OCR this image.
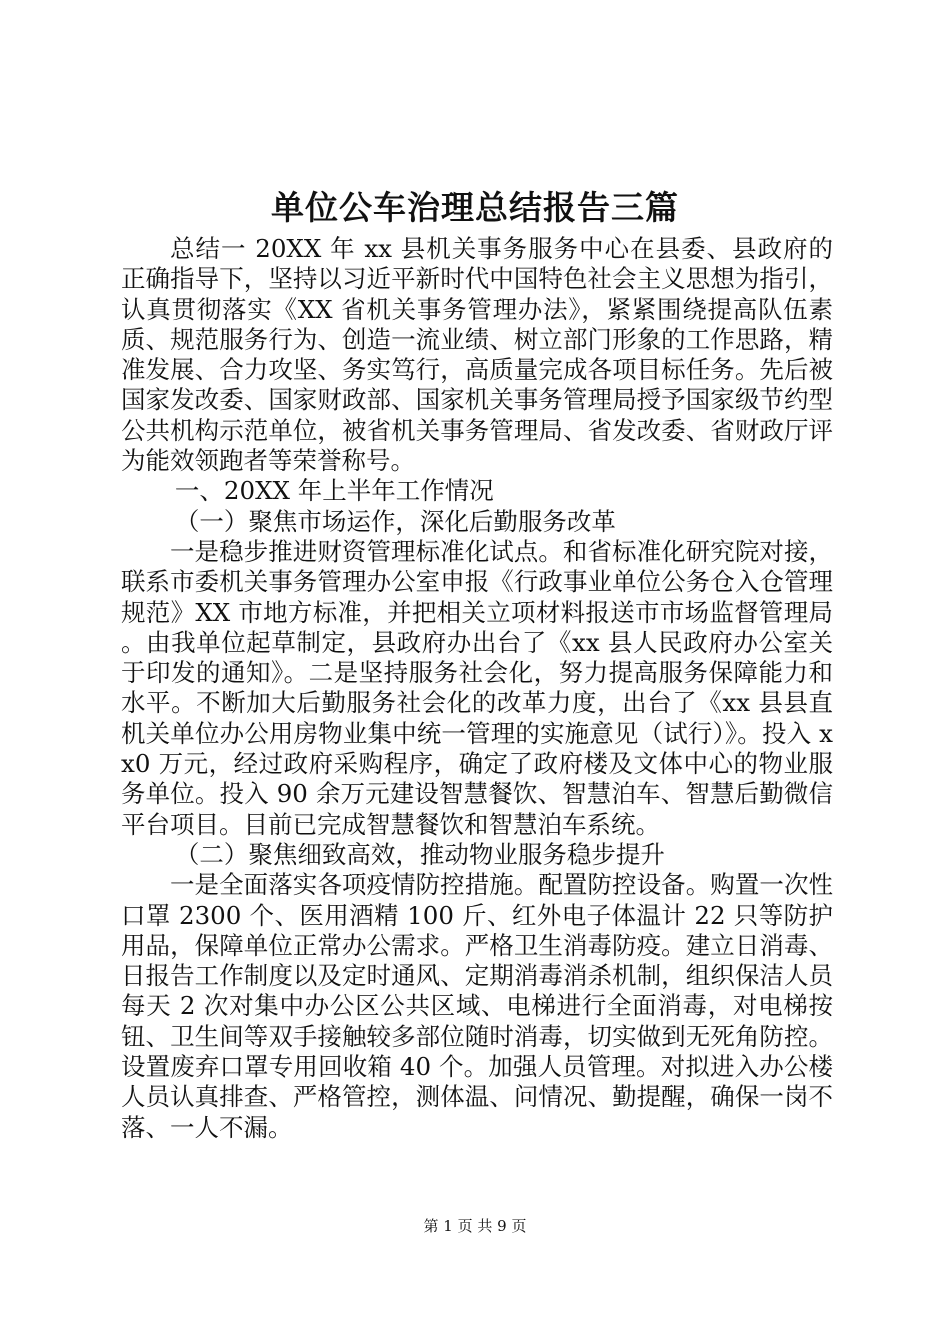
单位公车治理总结报告三篇

总结一 20XX 年 xx 县机关事务服务中心在县委、县政府的正确指导下，坚持以习近平新时代中国特色社会主义思想为指引，认真贯彻落实《XX 省机关事务管理办法》，紧紧围绕提高队伍素质、规范服务行为、创造一流业绩、树立部门形象的工作思路，精准发展、合力攻坚、务实笃行，高质量完成各项目标任务。先后被国家发改委、国家财政部、国家机关事务管理局授予国家级节约型公共机构示范单位，被省机关事务管理局、省发改委、省财政厅评为能效领跑者等荣誉称号。

一、20XX 年上半年工作情况

（一）聚焦市场运作，深化后勤服务改革

一是稳步推进财资管理标准化试点。和省标准化研究院对接，联系市委机关事务管理办公室申报《行政事业单位公务仓入仓管理规范》XX 市地方标准，并把相关立项材料报送市市场监督管理局。由我单位起草制定，县政府办出台了《xx 县人民政府办公室关于印发的通知》。二是坚持服务社会化，努力提高服务保障能力和水平。不断加大后勤服务社会化的改革力度，出台了《xx 县县直机关单位办公用房物业集中统一管理的实施意见（试行）》。投入 xx0 万元，经过政府采购程序，确定了政府楼及文体中心的物业服务单位。投入 90 余万元建设智慧餐饮、智慧泊车、智慧后勤微信平台项目。目前已完成智慧餐饮和智慧泊车系统。

（二）聚焦细致高效，推动物业服务稳步提升

一是全面落实各项疫情防控措施。配置防控设备。购置一次性口罩 2300 个、医用酒精 100 斤、红外电子体温计 22 只等防护用品，保障单位正常办公需求。严格卫生消毒防疫。建立日消毒、日报告工作制度以及定时通风、定期消毒消杀机制，组织保洁人员每天 2 次对集中办公区公共区域、电梯进行全面消毒，对电梯按钮、卫生间等双手接触较多部位随时消毒，切实做到无死角防控。设置废弃口罩专用回收箱 40 个。加强人员管理。对拟进入办公楼人员认真排查、严格管控，测体温、问情况、勤提醒，确保一岗不落、一人不漏。

第 1 页 共 9 页
